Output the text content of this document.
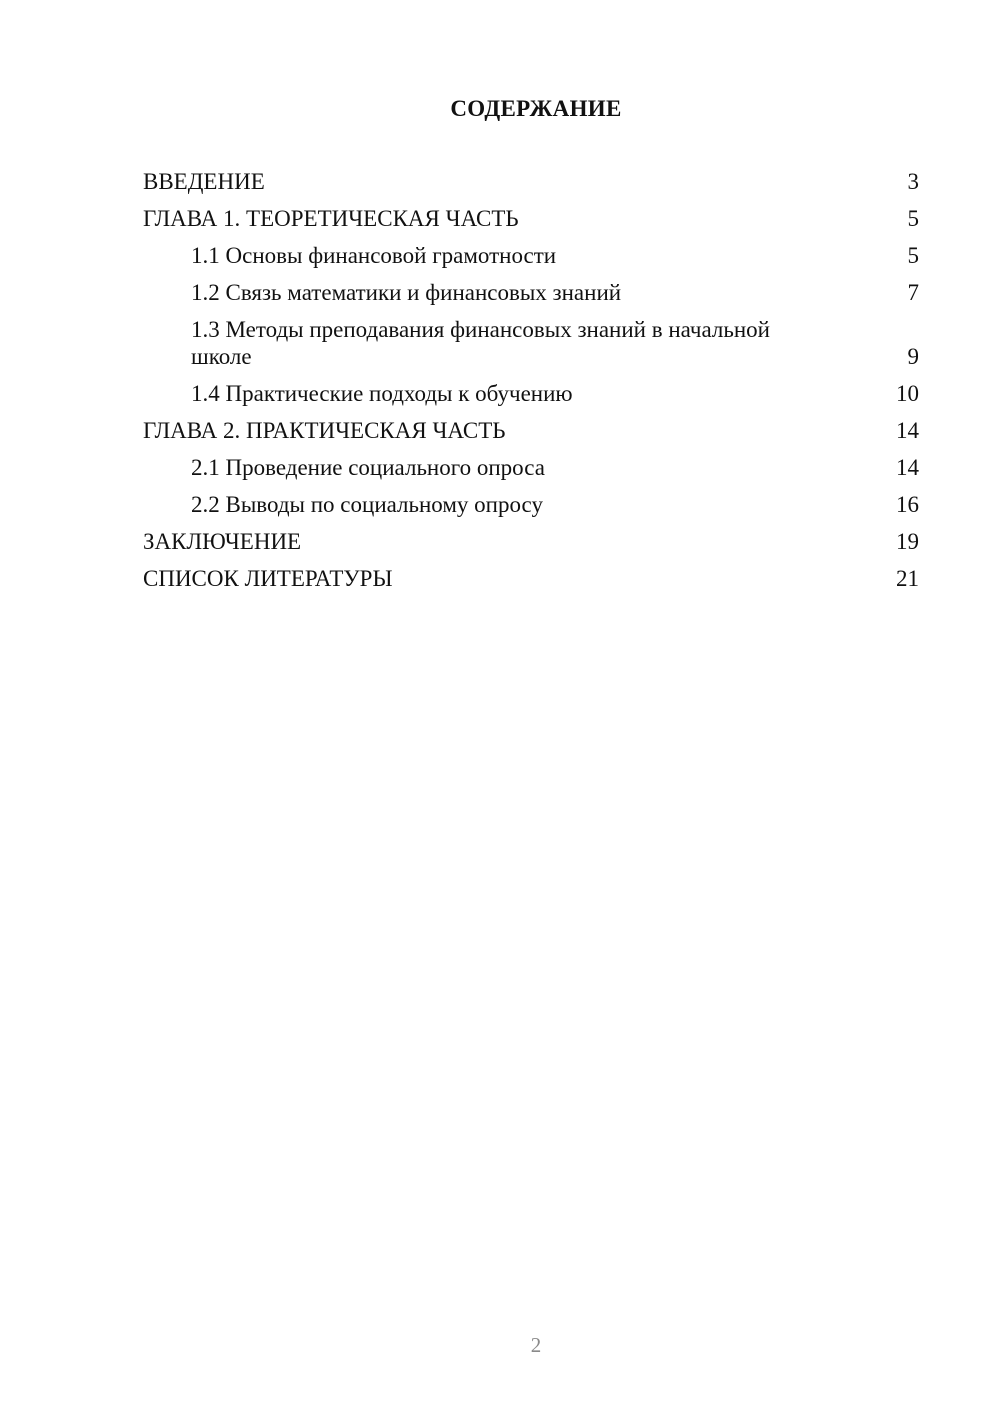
СОДЕРЖАНИЕ
ВВЕДЕНИЕ	3
ГЛАВА 1. ТЕОРЕТИЧЕСКАЯ ЧАСТЬ	5
1.1 Основы финансовой грамотности	5
1.2 Связь математики и финансовых знаний	7
1.3 Методы преподавания финансовых знаний в начальной школе	9
1.4 Практические подходы к обучению	10
ГЛАВА 2. ПРАКТИЧЕСКАЯ ЧАСТЬ	14
2.1 Проведение социального опроса	14
2.2 Выводы по социальному опросу	16
ЗАКЛЮЧЕНИЕ	19
СПИСОК ЛИТЕРАТУРЫ	21
2
